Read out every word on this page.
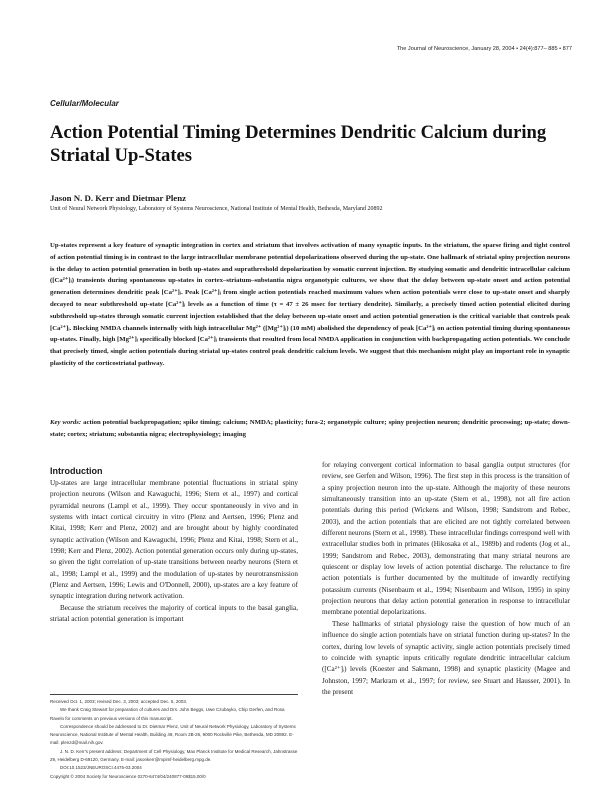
The Journal of Neuroscience, January 28, 2004 • 24(4):877– 885 • 877
Cellular/Molecular
Action Potential Timing Determines Dendritic Calcium during Striatal Up-States

Jason N. D. Kerr and Dietmar Plenz

Unit of Neural Network Physiology, Laboratory of Systems Neuroscience, National Institute of Mental Health, Bethesda, Maryland 20892

Up-states represent a key feature of synaptic integration in cortex and striatum that involves activation of many synaptic inputs. In the striatum, the sparse firing and tight control of action potential timing is in contrast to the large intracellular membrane potential depolarizations observed during the up-state. One hallmark of striatal spiny projection neurons is the delay to action potential generation in both up-states and suprathreshold depolarization by somatic current injection. By studying somatic and dendritic intracellular calcium ([Ca²⁺]ᵢ) transients during spontaneous up-states in cortex–striatum–substantia nigra organotypic cultures, we show that the delay between up-state onset and action potential generation determines dendritic peak [Ca²⁺]ᵢ. Peak [Ca²⁺]ᵢ from single action potentials reached maximum values when action potentials were close to up-state onset and sharply decayed to near subthreshold up-state [Ca²⁺]ᵢ levels as a function of time (τ = 47 ± 26 msec for tertiary dendrite). Similarly, a precisely timed action potential elicited during subthreshold up-states through somatic current injection established that the delay between up-state onset and action potential generation is the critical variable that controls peak [Ca²⁺]ᵢ. Blocking NMDA channels internally with high intracellular Mg²⁺ ([Mg²⁺]ᵢ) (10 mM) abolished the dependency of peak [Ca²⁺]ᵢ on action potential timing during spontaneous up-states. Finally, high [Mg²⁺]ᵢ specifically blocked [Ca²⁺]ᵢ transients that resulted from local NMDA application in conjunction with backpropagating action potentials. We conclude that precisely timed, single action potentials during striatal up-states control peak dendritic calcium levels. We suggest that this mechanism might play an important role in synaptic plasticity of the corticostriatal pathway.

Key words: action potential backpropagation; spike timing; calcium; NMDA; plasticity; fura-2; organotypic culture; spiny projection neuron; dendritic processing; up-state; down-state; cortex; striatum; substantia nigra; electrophysiology; imaging

Introduction

Up-states are large intracellular membrane potential fluctuations in striatal spiny projection neurons (Wilson and Kawaguchi, 1996; Stern et al., 1997) and cortical pyramidal neurons (Lampl et al., 1999). They occur spontaneously in vivo and in systems with intact cortical circuitry in vitro (Plenz and Aertsen, 1996; Plenz and Kitai, 1998; Kerr and Plenz, 2002) and are brought about by highly coordinated synaptic activation (Wilson and Kawaguchi, 1996; Plenz and Kitai, 1998; Stern et al., 1998; Kerr and Plenz, 2002). Action potential generation occurs only during up-states, so given the tight correlation of up-state transitions between nearby neurons (Stern et al., 1998; Lampl et al., 1999) and the modulation of up-states by neurotransmission (Plenz and Aertsen, 1996; Lewis and O'Donnell, 2000), up-states are a key feature of synaptic integration during network activation.

Because the striatum receives the majority of cortical inputs to the basal ganglia, striatal action potential generation is important

for relaying convergent cortical information to basal ganglia output structures (for review, see Gerfen and Wilson, 1996). The first step in this process is the transition of a spiny projection neuron into the up-state. Although the majority of these neurons simultaneously transition into an up-state (Stern et al., 1998), not all fire action potentials during this period (Wickens and Wilson, 1998; Sandstrom and Rebec, 2003), and the action potentials that are elicited are not tightly correlated between different neurons (Stern et al., 1998). These intracellular findings correspond well with extracellular studies both in primates (Hikosaka et al., 1989b) and rodents (Jog et al., 1999; Sandstrom and Rebec, 2003), demonstrating that many striatal neurons are quiescent or display low levels of action potential discharge. The reluctance to fire action potentials is further documented by the multitude of inwardly rectifying potassium currents (Nisenbaum et al., 1994; Nisenbaum and Wilson, 1995) in spiny projection neurons that delay action potential generation in response to intracellular membrane potential depolarizations.

These hallmarks of striatal physiology raise the question of how much of an influence do single action potentials have on striatal function during up-states? In the cortex, during low levels of synaptic activity, single action potentials precisely timed to coincide with synaptic inputs critically regulate dendritic intracellular calcium ([Ca²⁺]ᵢ) levels (Koester and Sakmann, 1998) and synaptic plasticity (Magee and Johnston, 1997; Markram et al., 1997; for review, see Stuart and Hausser, 2001). In the present

Received Oct. 1, 2003; revised Dec. 3, 2003; accepted Dec. 5, 2003.

We thank Craig Stewart for preparation of cultures and Drs. John Beggs, Uwe Czubayko, Chip Gerfen, and Rosa Ravelo for comments on previous versions of this manuscript.

Correspondence should be addressed to Dr. Dietmar Plenz, Unit of Neural Network Physiology, Laboratory of Systems Neuroscience, National Institute of Mental Health, Building 49, Room 2B-26, 9000 Rockville Pike, Bethesda, MD 20892. E-mail: plenzd@mail.nih.gov.

J. N. D. Kerr's present address: Department of Cell Physiology, Max Planck Institute for Medical Research, Jahnstrasse 29, Heidelberg D-69120, Germany. E-mail: jasonkerr@mpimf-heidelberg.mpg.de.

DOI:10.1523/JNEUROSCI.4475-03.2004

Copyright © 2004 Society for Neuroscience 0270-6474/04/240877-09$15.00/0
